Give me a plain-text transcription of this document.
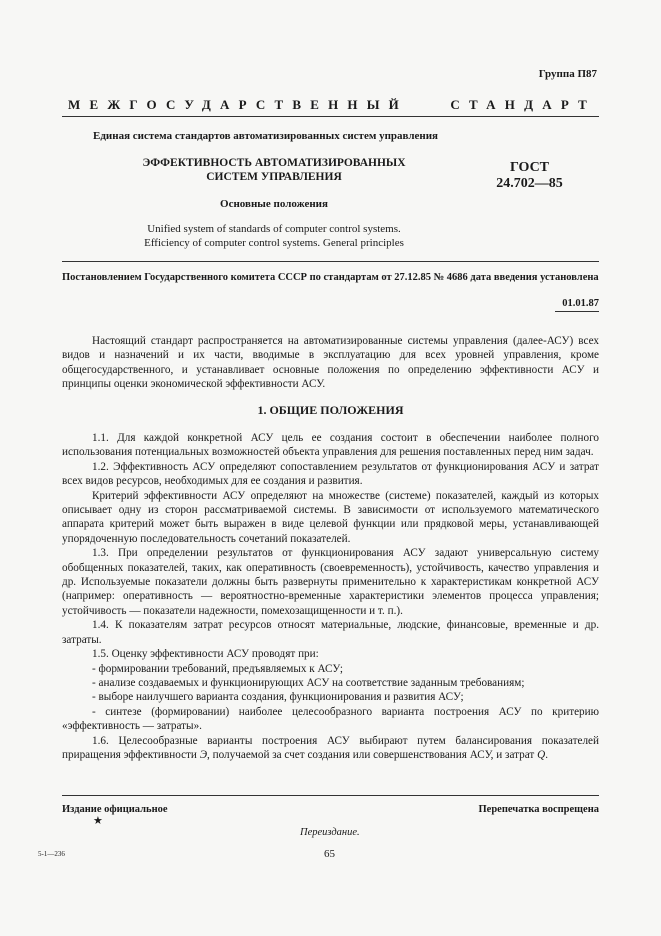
Группа П87
МЕЖГОСУДАРСТВЕННЫЙ	СТАНДАРТ
Единая система стандартов автоматизированных систем управления
ЭФФЕКТИВНОСТЬ АВТОМАТИЗИРОВАННЫХ
СИСТЕМ УПРАВЛЕНИЯ
ГОСТ
24.702—85
Основные положения
Unified system of standards of computer control systems.
Efficiency of computer control systems. General principles
Постановлением Государственного комитета СССР по стандартам от 27.12.85 № 4686 дата введения установлена
01.01.87

Настоящий стандарт распространяется на автоматизированные системы управления (далее-АСУ) всех видов и назначений и их части, вводимые в эксплуатацию для всех уровней управления, кроме общегосударственного, и устанавливает основные положения по определению эффективности АСУ и принципы оценки экономической эффективности АСУ.

1. ОБЩИЕ ПОЛОЖЕНИЯ

1.1. Для каждой конкретной АСУ цель ее создания состоит в обеспечении наиболее полного использования потенциальных возможностей объекта управления для решения поставленных перед ним задач.

1.2. Эффективность АСУ определяют сопоставлением результатов от функционирования АСУ и затрат всех видов ресурсов, необходимых для ее создания и развития.

Критерий эффективности АСУ определяют на множестве (системе) показателей, каждый из которых описывает одну из сторон рассматриваемой системы. В зависимости от используемого математического аппарата критерий может быть выражен в виде целевой функции или прядковой меры, устанавливающей упорядоченную последовательность сочетаний показателей.

1.3. При определении результатов от функционирования АСУ задают универсальную систему обобщенных показателей, таких, как оперативность (своевременность), устойчивость, качество управления и др. Используемые показатели должны быть развернуты применительно к характеристикам конкретной АСУ (например: оперативность — вероятностно-временные характеристики элементов процесса управления; устойчивость — показатели надежности, помехозащищенности и т. п.).

1.4. К показателям затрат ресурсов относят материальные, людские, финансовые, временные и др. затраты.

1.5. Оценку эффективности АСУ проводят при:

- формировании требований, предъявляемых к АСУ;

- анализе создаваемых и функционирующих АСУ на соответствие заданным требованиям;

- выборе наилучшего варианта создания, функционирования и развития АСУ;

- синтезе (формировании) наиболее целесообразного варианта построения АСУ по критерию «эффективность — затраты».

1.6. Целесообразные варианты построения АСУ выбирают путем балансирования показателей приращения эффективности Э, получаемой за счет создания или совершенствования АСУ, и затрат Q.

Издание официальное	Перепечатка воспрещена
★
Переиздание.
5-1—236	65
